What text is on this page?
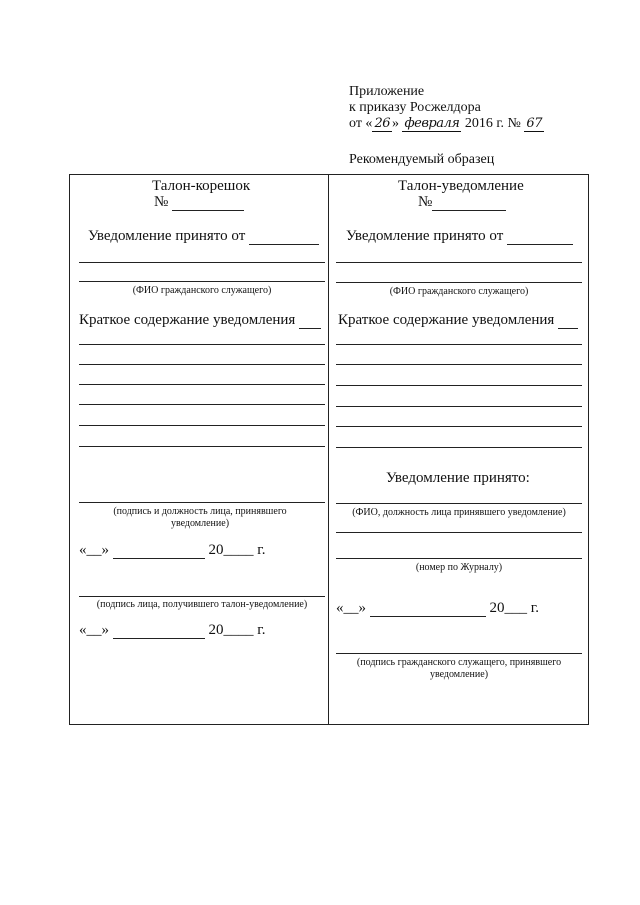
Приложение
к приказу Росжелдора
от « 26 » февраля 2016 г. № 67
Рекомендуемый образец
Талон-корешок
№
Уведомление принято от
(ФИО гражданского служащего)
Краткое содержание уведомления
(подпись и должность лица, принявшего уведомление)
«__»	20____ г.
(подпись лица, получившего талон-уведомление)
«__»	20____ г.
Талон-уведомление
№
Уведомление принято от
(ФИО гражданского служащего)
Краткое содержание уведомления
Уведомление принято:
(ФИО, должность лица принявшего уведомление)
(номер по Журналу)
«__»	20___ г.
(подпись гражданского служащего, принявшего уведомление)
